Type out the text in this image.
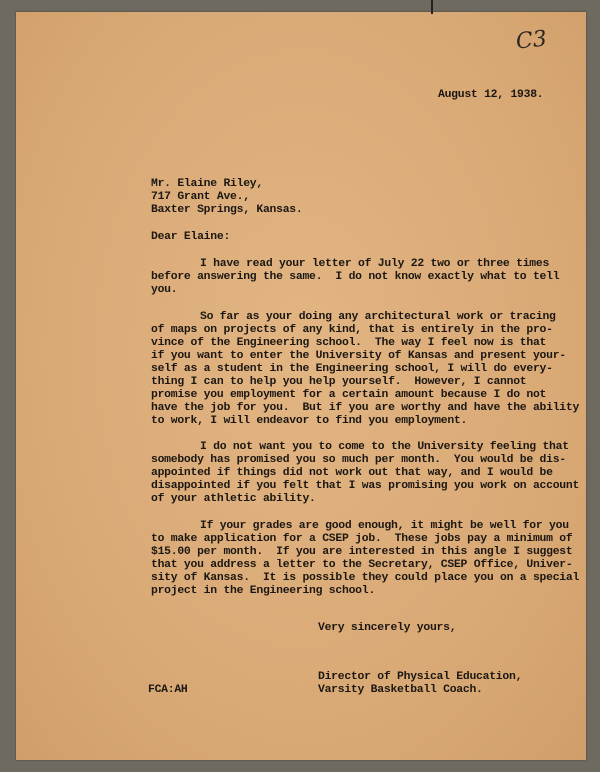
C3
August 12, 1938.
Mr. Elaine Riley,
717 Grant Ave.,
Baxter Springs, Kansas.
Dear Elaine:
I have read your letter of July 22 two or three times
before answering the same.  I do not know exactly what to tell
you.
So far as your doing any architectural work or tracing
of maps on projects of any kind, that is entirely in the pro-
vince of the Engineering school.  The way I feel now is that
if you want to enter the University of Kansas and present your-
self as a student in the Engineering school, I will do every-
thing I can to help you help yourself.  However, I cannot
promise you employment for a certain amount because I do not
have the job for you.  But if you are worthy and have the ability
to work, I will endeavor to find you employment.
I do not want you to come to the University feeling that
somebody has promised you so much per month.  You would be dis-
appointed if things did not work out that way, and I would be
disappointed if you felt that I was promising you work on account
of your athletic ability.
If your grades are good enough, it might be well for you
to make application for a CSEP job.  These jobs pay a minimum of
$15.00 per month.  If you are interested in this angle I suggest
that you address a letter to the Secretary, CSEP Office, Univer-
sity of Kansas.  It is possible they could place you on a special
project in the Engineering school.
Very sincerely yours,
Director of Physical Education,
Varsity Basketball Coach.
FCA:AH
